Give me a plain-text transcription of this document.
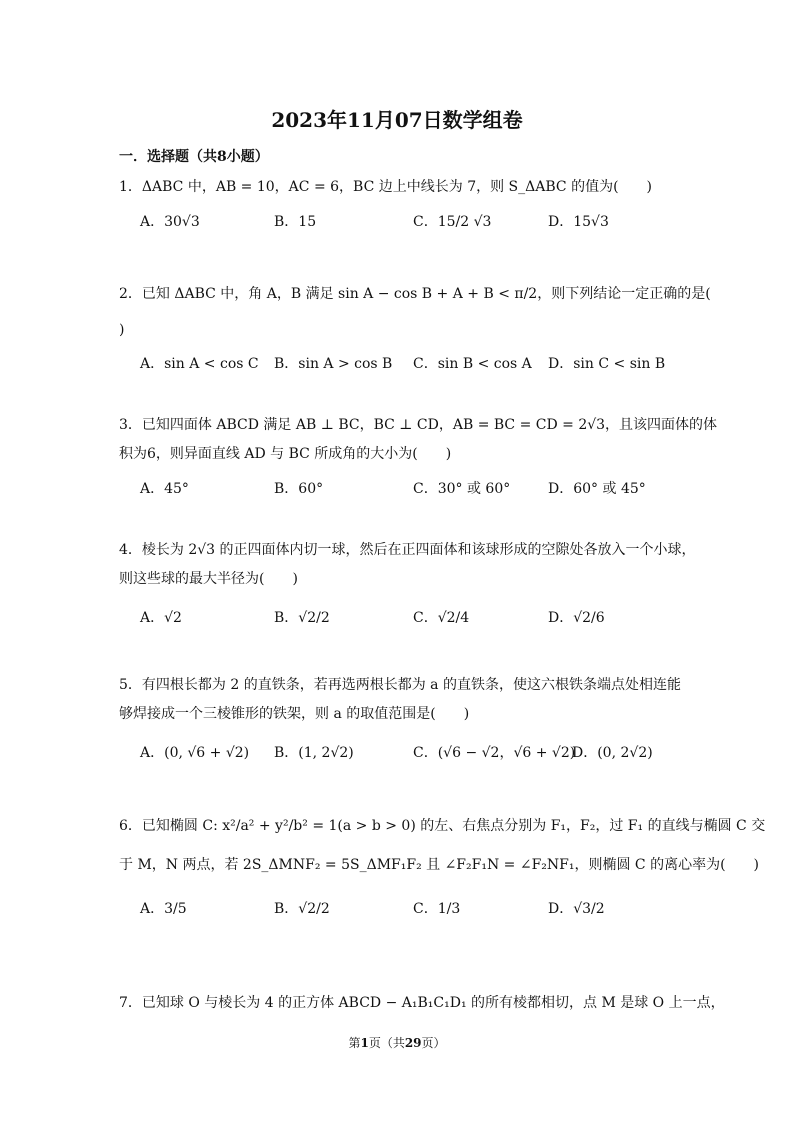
2023年11月07日数学组卷
一．选择题（共8小题）
1．ΔABC 中，AB = 10，AC = 6，BC 边上中线长为 7，则 S_ΔABC 的值为(　　)
A．30√3	B．15	C．15/2 √3	D．15√3
2．已知 ΔABC 中，角 A，B 满足 sin A − cos B + A + B < π/2，则下列结论一定正确的是(
)
A．sin A < cos C B．sin A > cos B C．sin B < cos A D．sin C < sin B
3．已知四面体 ABCD 满足 AB ⊥ BC，BC ⊥ CD，AB = BC = CD = 2√3，且该四面体的体
积为6，则异面直线 AD 与 BC 所成角的大小为(　　)
A．45°	B．60°	C．30° 或 60°	D．60° 或 45°
4．棱长为 2√3 的正四面体内切一球，然后在正四面体和该球形成的空隙处各放入一个小球，
则这些球的最大半径为(　　)
A．√2	B．√2/2	C．√2/4	D．√2/6
5．有四根长都为 2 的直铁条，若再选两根长都为 a 的直铁条，使这六根铁条端点处相连能
够焊接成一个三棱锥形的铁架，则 a 的取值范围是(　　)
A．(0, √6 + √2) B．(1, 2√2)	C．(√6 − √2，√6 + √2)
D．(0, 2√2)
6．已知椭圆 C: x²/a² + y²/b² = 1(a > b > 0) 的左、右焦点分别为 F₁，F₂，过 F₁ 的直线与椭圆 C 交
于 M，N 两点，若 2S_ΔMNF₂ = 5S_ΔMF₁F₂ 且 ∠F₂F₁N = ∠F₂NF₁，则椭圆 C 的离心率为(　　)
A．3/5	B．√2/2	C．1/3	D．√3/2
7．已知球 O 与棱长为 4 的正方体 ABCD − A₁B₁C₁D₁ 的所有棱都相切，点 M 是球 O 上一点，
第1页（共29页）
